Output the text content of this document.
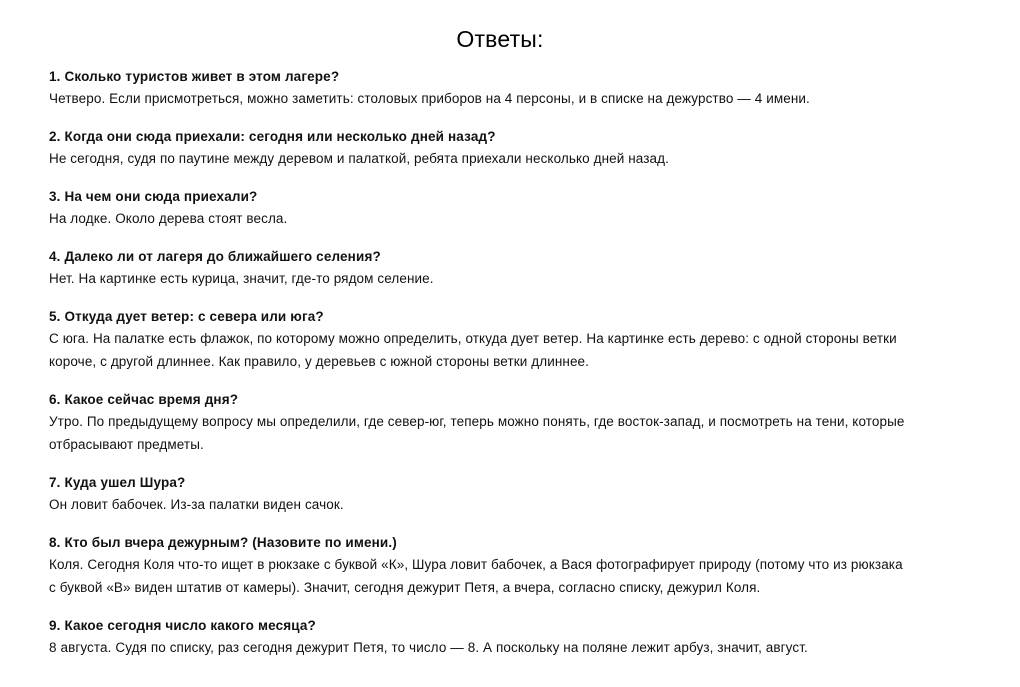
Ответы:
1. Сколько туристов живет в этом лагере?
Четверо. Если присмотреться, можно заметить: столовых приборов на 4 персоны, и в списке на дежурство — 4 имени.
2. Когда они сюда приехали: сегодня или несколько дней назад?
Не сегодня, судя по паутине между деревом и палаткой, ребята приехали несколько дней назад.
3. На чем они сюда приехали?
На лодке. Около дерева стоят весла.
4. Далеко ли от лагеря до ближайшего селения?
Нет. На картинке есть курица, значит, где-то рядом селение.
5. Откуда дует ветер: с севера или юга?
С юга. На палатке есть флажок, по которому можно определить, откуда дует ветер. На картинке есть дерево: с одной стороны ветки
короче, с другой длиннее. Как правило, у деревьев с южной стороны ветки длиннее.
6. Какое сейчас время дня?
Утро. По предыдущему вопросу мы определили, где север-юг, теперь можно понять, где восток-запад, и посмотреть на тени, которые
отбрасывают предметы.
7. Куда ушел Шура?
Он ловит бабочек. Из-за палатки виден сачок.
8. Кто был вчера дежурным? (Назовите по имени.)
Коля. Сегодня Коля что-то ищет в рюкзаке с буквой «К», Шура ловит бабочек, а Вася фотографирует природу (потому что из рюкзака
с буквой «В» виден штатив от камеры). Значит, сегодня дежурит Петя, а вчера, согласно списку, дежурил Коля.
9. Какое сегодня число какого месяца?
8 августа. Судя по списку, раз сегодня дежурит Петя, то число — 8. А поскольку на поляне лежит арбуз, значит, август.
